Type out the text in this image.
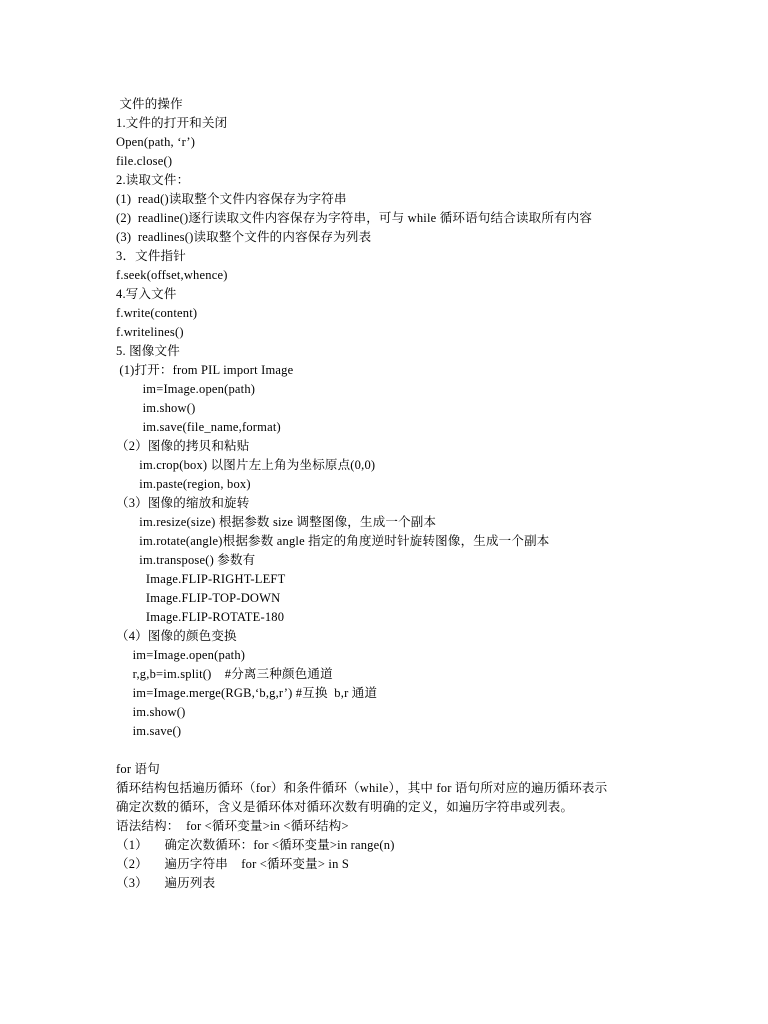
文件的操作
1.文件的打开和关闭
Open(path, ‘r’)
file.close()
2.读取文件：
(1)  read()读取整个文件内容保存为字符串
(2)  readline()逐行读取文件内容保存为字符串，可与 while 循环语句结合读取所有内容
(3)  readlines()读取整个文件的内容保存为列表
3．文件指针
f.seek(offset,whence)
4.写入文件
f.write(content)
f.writelines()
5. 图像文件
(1)打开：from PIL import Image
im=Image.open(path)
im.show()
im.save(file_name,format)
（2）图像的拷贝和粘贴
im.crop(box) 以图片左上角为坐标原点(0,0)
im.paste(region, box)
（3）图像的缩放和旋转
im.resize(size) 根据参数 size 调整图像，生成一个副本
im.rotate(angle)根据参数 angle 指定的角度逆时针旋转图像，生成一个副本
im.transpose() 参数有
Image.FLIP-RIGHT-LEFT
Image.FLIP-TOP-DOWN
Image.FLIP-ROTATE-180
（4）图像的颜色变换
im=Image.open(path)
r,g,b=im.split()    #分离三种颜色通道
im=Image.merge(RGB,‘b,g,r’) #互换  b,r 通道
im.show()
im.save()
for 语句
循环结构包括遍历循环（for）和条件循环（while），其中 for 语句所对应的遍历循环表示
确定次数的循环，含义是循环体对循环次数有明确的定义，如遍历字符串或列表。
语法结构：  for <循环变量>in <循环结构>
（1）     确定次数循环：for <循环变量>in range(n)
（2）     遍历字符串    for <循环变量> in S
（3）     遍历列表
